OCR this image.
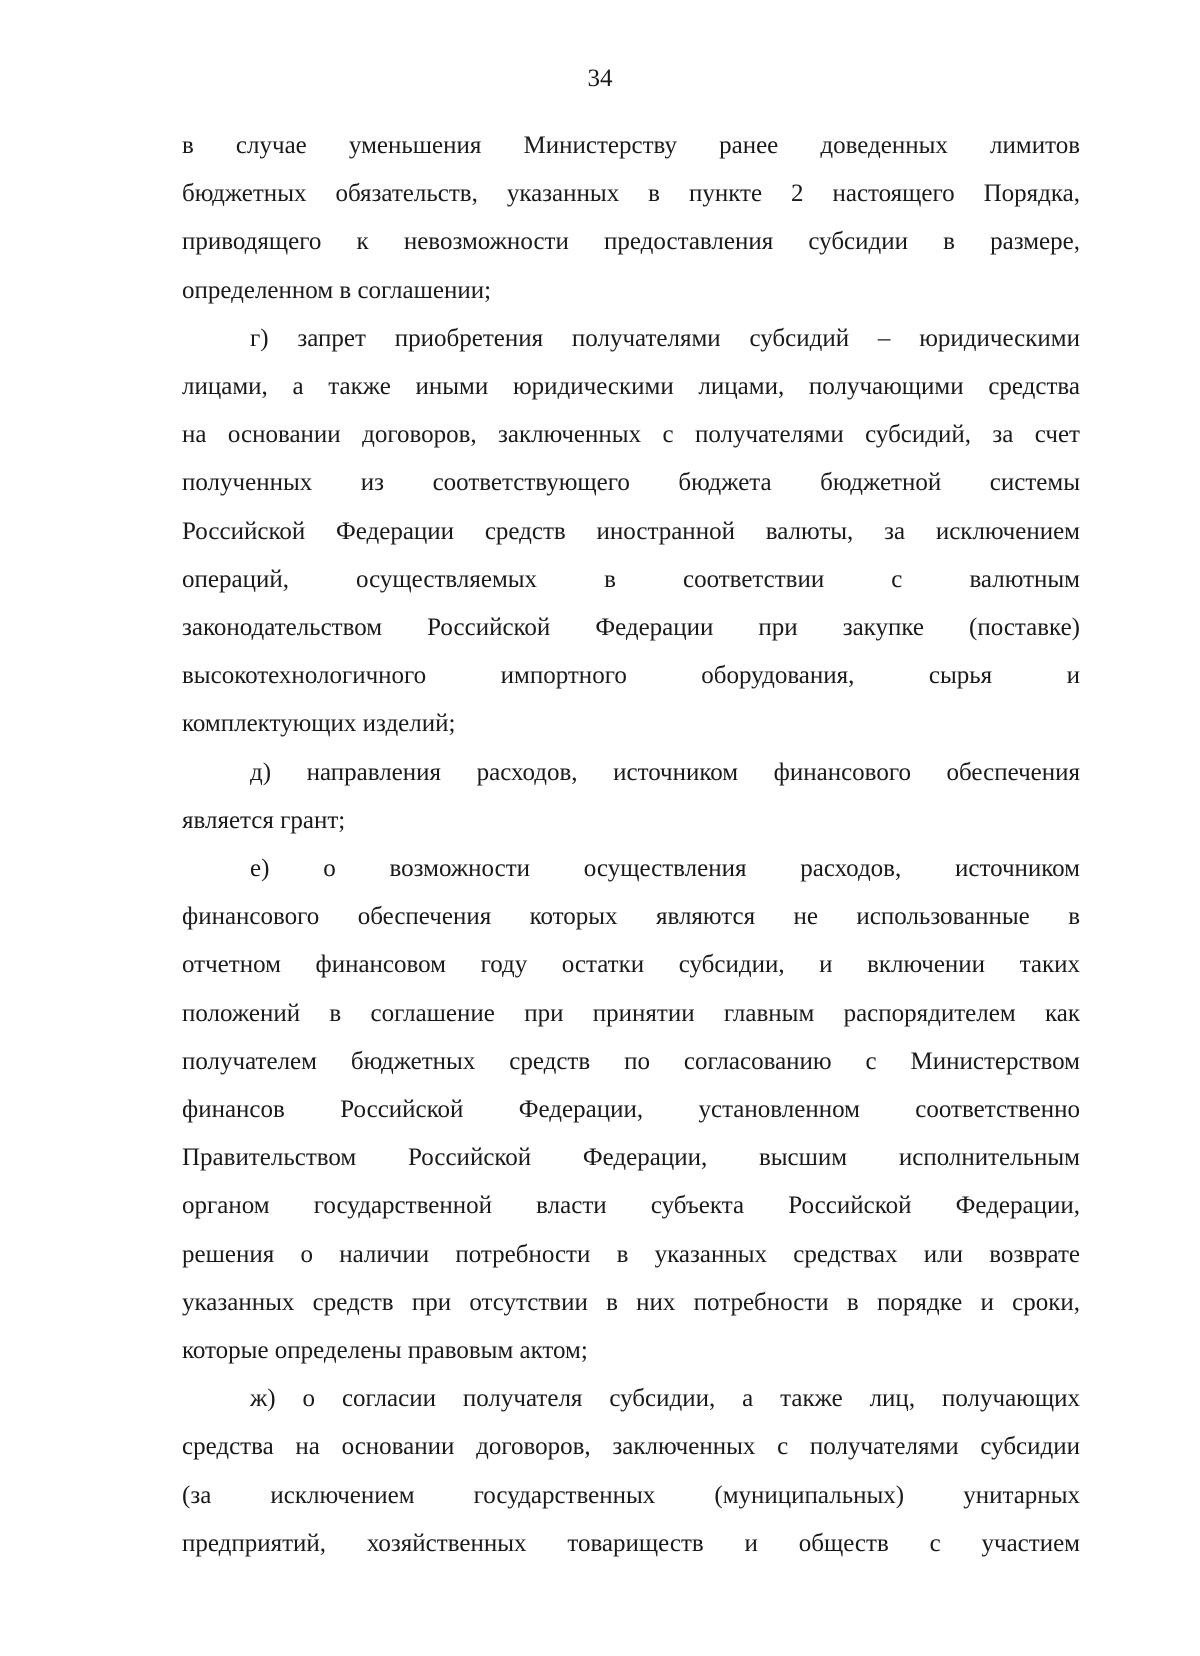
34
в случае уменьшения Министерству ранее доведенных лимитов
бюджетных обязательств, указанных в пункте 2 настоящего Порядка,
приводящего к невозможности предоставления субсидии в размере,
определенном в соглашении;
г) запрет приобретения получателями субсидий – юридическими
лицами, а также иными юридическими лицами, получающими средства
на основании договоров, заключенных с получателями субсидий, за счет
полученных из соответствующего бюджета бюджетной системы
Российской Федерации средств иностранной валюты, за исключением
операций, осуществляемых в соответствии с валютным
законодательством Российской Федерации при закупке (поставке)
высокотехнологичного импортного оборудования, сырья и
комплектующих изделий;
д) направления расходов, источником финансового обеспечения
является грант;
е) о возможности осуществления расходов, источником
финансового обеспечения которых являются не использованные в
отчетном финансовом году остатки субсидии, и включении таких
положений в соглашение при принятии главным распорядителем как
получателем бюджетных средств по согласованию с Министерством
финансов Российской Федерации, установленном соответственно
Правительством Российской Федерации, высшим исполнительным
органом государственной власти субъекта Российской Федерации,
решения о наличии потребности в указанных средствах или возврате
указанных средств при отсутствии в них потребности в порядке и сроки,
которые определены правовым актом;
ж) о согласии получателя субсидии, а также лиц, получающих
средства на основании договоров, заключенных с получателями субсидии
(за исключением государственных (муниципальных) унитарных
предприятий, хозяйственных товариществ и обществ с участием
